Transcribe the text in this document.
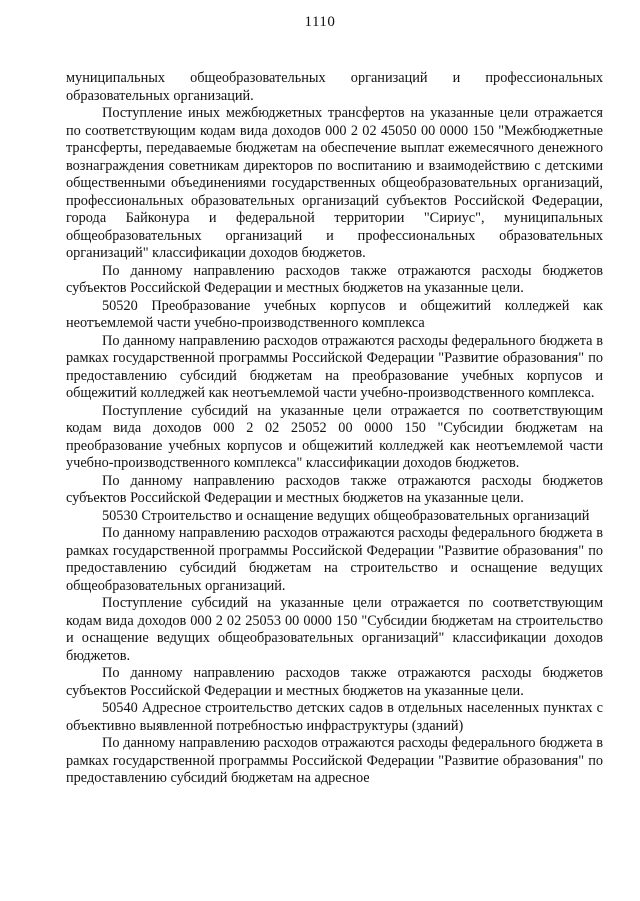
1110

муниципальных общеобразовательных организаций и профессиональных образовательных организаций.

Поступление иных межбюджетных трансфертов на указанные цели отражается по соответствующим кодам вида доходов 000 2 02 45050 00 0000 150 "Межбюджетные трансферты, передаваемые бюджетам на обеспечение выплат ежемесячного денежного вознаграждения советникам директоров по воспитанию и взаимодействию с детскими общественными объединениями государственных общеобразовательных организаций, профессиональных образовательных организаций субъектов Российской Федерации, города Байконура и федеральной территории "Сириус", муниципальных общеобразовательных организаций и профессиональных образовательных организаций" классификации доходов бюджетов.

По данному направлению расходов также отражаются расходы бюджетов субъектов Российской Федерации и местных бюджетов на указанные цели.

50520 Преобразование учебных корпусов и общежитий колледжей как неотъемлемой части учебно-производственного комплекса

По данному направлению расходов отражаются расходы федерального бюджета в рамках государственной программы Российской Федерации "Развитие образования" по предоставлению субсидий бюджетам на преобразование учебных корпусов и общежитий колледжей как неотъемлемой части учебно-производственного комплекса.

Поступление субсидий на указанные цели отражается по соответствующим кодам вида доходов 000 2 02 25052 00 0000 150 "Субсидии бюджетам на преобразование учебных корпусов и общежитий колледжей как неотъемлемой части учебно-производственного комплекса" классификации доходов бюджетов.

По данному направлению расходов также отражаются расходы бюджетов субъектов Российской Федерации и местных бюджетов на указанные цели.

50530 Строительство и оснащение ведущих общеобразовательных организаций

По данному направлению расходов отражаются расходы федерального бюджета в рамках государственной программы Российской Федерации "Развитие образования" по предоставлению субсидий бюджетам на строительство и оснащение ведущих общеобразовательных организаций.

Поступление субсидий на указанные цели отражается по соответствующим кодам вида доходов 000 2 02 25053 00 0000 150 "Субсидии бюджетам на строительство и оснащение ведущих общеобразовательных организаций" классификации доходов бюджетов.

По данному направлению расходов также отражаются расходы бюджетов субъектов Российской Федерации и местных бюджетов на указанные цели.

50540 Адресное строительство детских садов в отдельных населенных пунктах с объективно выявленной потребностью инфраструктуры (зданий)

По данному направлению расходов отражаются расходы федерального бюджета в рамках государственной программы Российской Федерации "Развитие образования" по предоставлению субсидий бюджетам на адресное
